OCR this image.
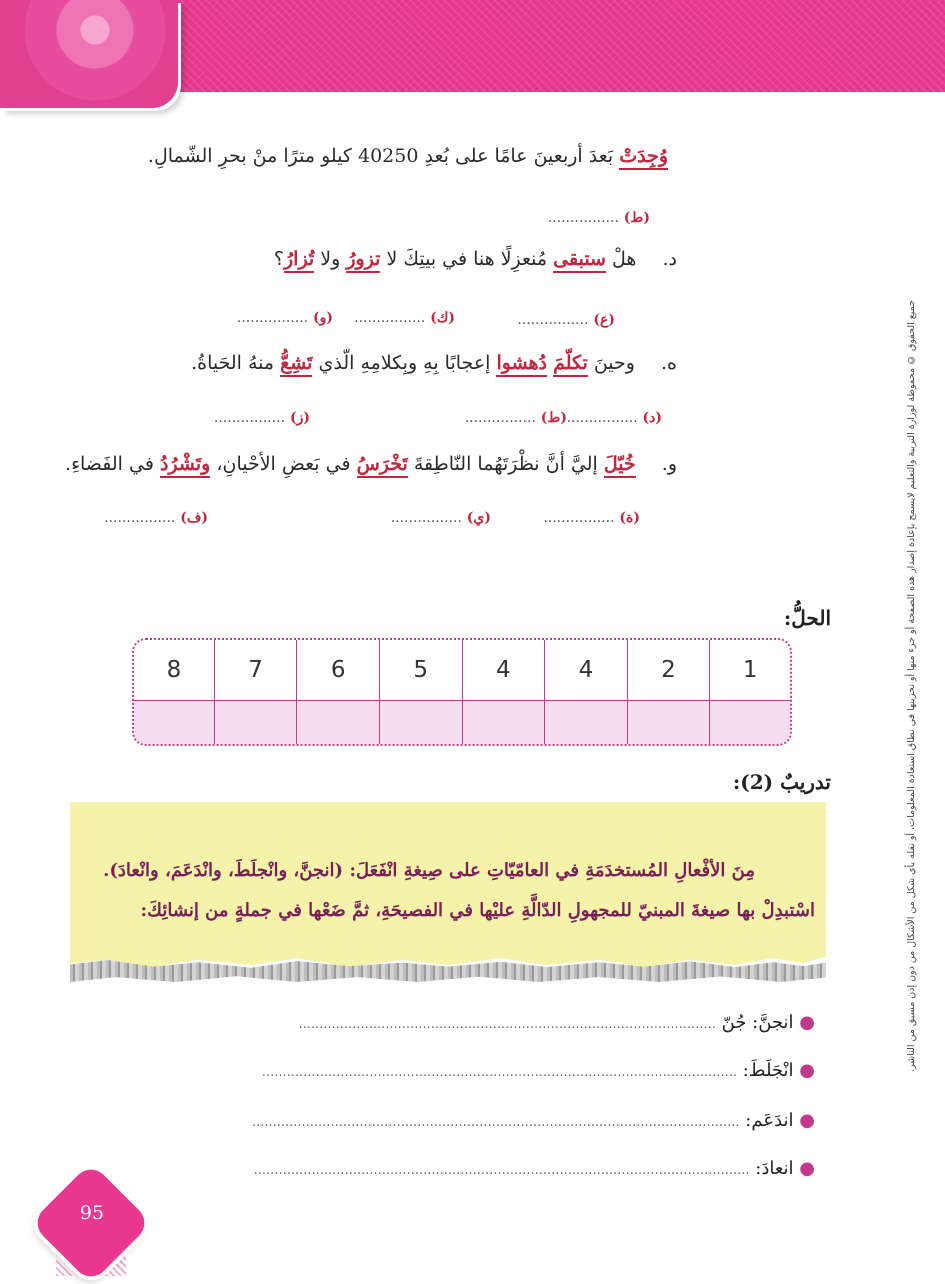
جميع الحقوق © محفوظة لوزارة التربية والتعليم لايسمح بإعادة إصدار هذه الصفحة أو جزء منها أو تخزينها في نطاق استعادة المعلومات، أو نقله بأي شكل من الأشكال من دون إذن مسبق من الناشر.
وُجِدَتْ بَعدَ أربعينَ عامًا على بُعدِ 40250 كيلو مترًا منْ بحرِ الشّمالِ.
(ط) ................
د. هلْ ستبقى مُنعزِلًا هنا في بيتِكَ لا تزورُ ولا تُزارُ؟
(ع) ................
(ك) ................
(و) ................
ه. وحينَ تكلّمَ دُهشوا إعجابًا بِهِ وبِكلامِهِ الّذي تَشِعُّ منهُ الحَياةُ.
(د) ................
(ط) ................
(ز) ................
و. خُيّلَ إليَّ أنَّ نظْرَتَهُما النّاطِقةَ تَخْرَسُ في بَعضِ الأحْيانِ، وتَشْرُدُ في الفَضاءِ.
(ة) ................
(ي) ................
(ف) ................
الحلُّ:
1	2	4	4	5	6	7	8

تدريبٌ (2):
مِنَ الأفْعالِ المُستخدَمَةِ في العامّيّاتِ على صِيغةِ انْفَعَلَ: (انجنَّ، وانْجلَطَ، وانْدَعَمَ، وانْعادَ).
اسْتبدِلْ بها صيغةَ المبنيّ للمجهولِ الدّالَّةِ عليْها في الفصيحَةِ، ثمَّ ضَعْها في جملةٍ من إنشائِكَ:
● انجنَّ: جُنّ .....................................................................................................
● انْجَلَطَ: ...................................................................................................................
● اندَعَم: ......................................................................................................................
● انعادَ: ........................................................................................................................
95
